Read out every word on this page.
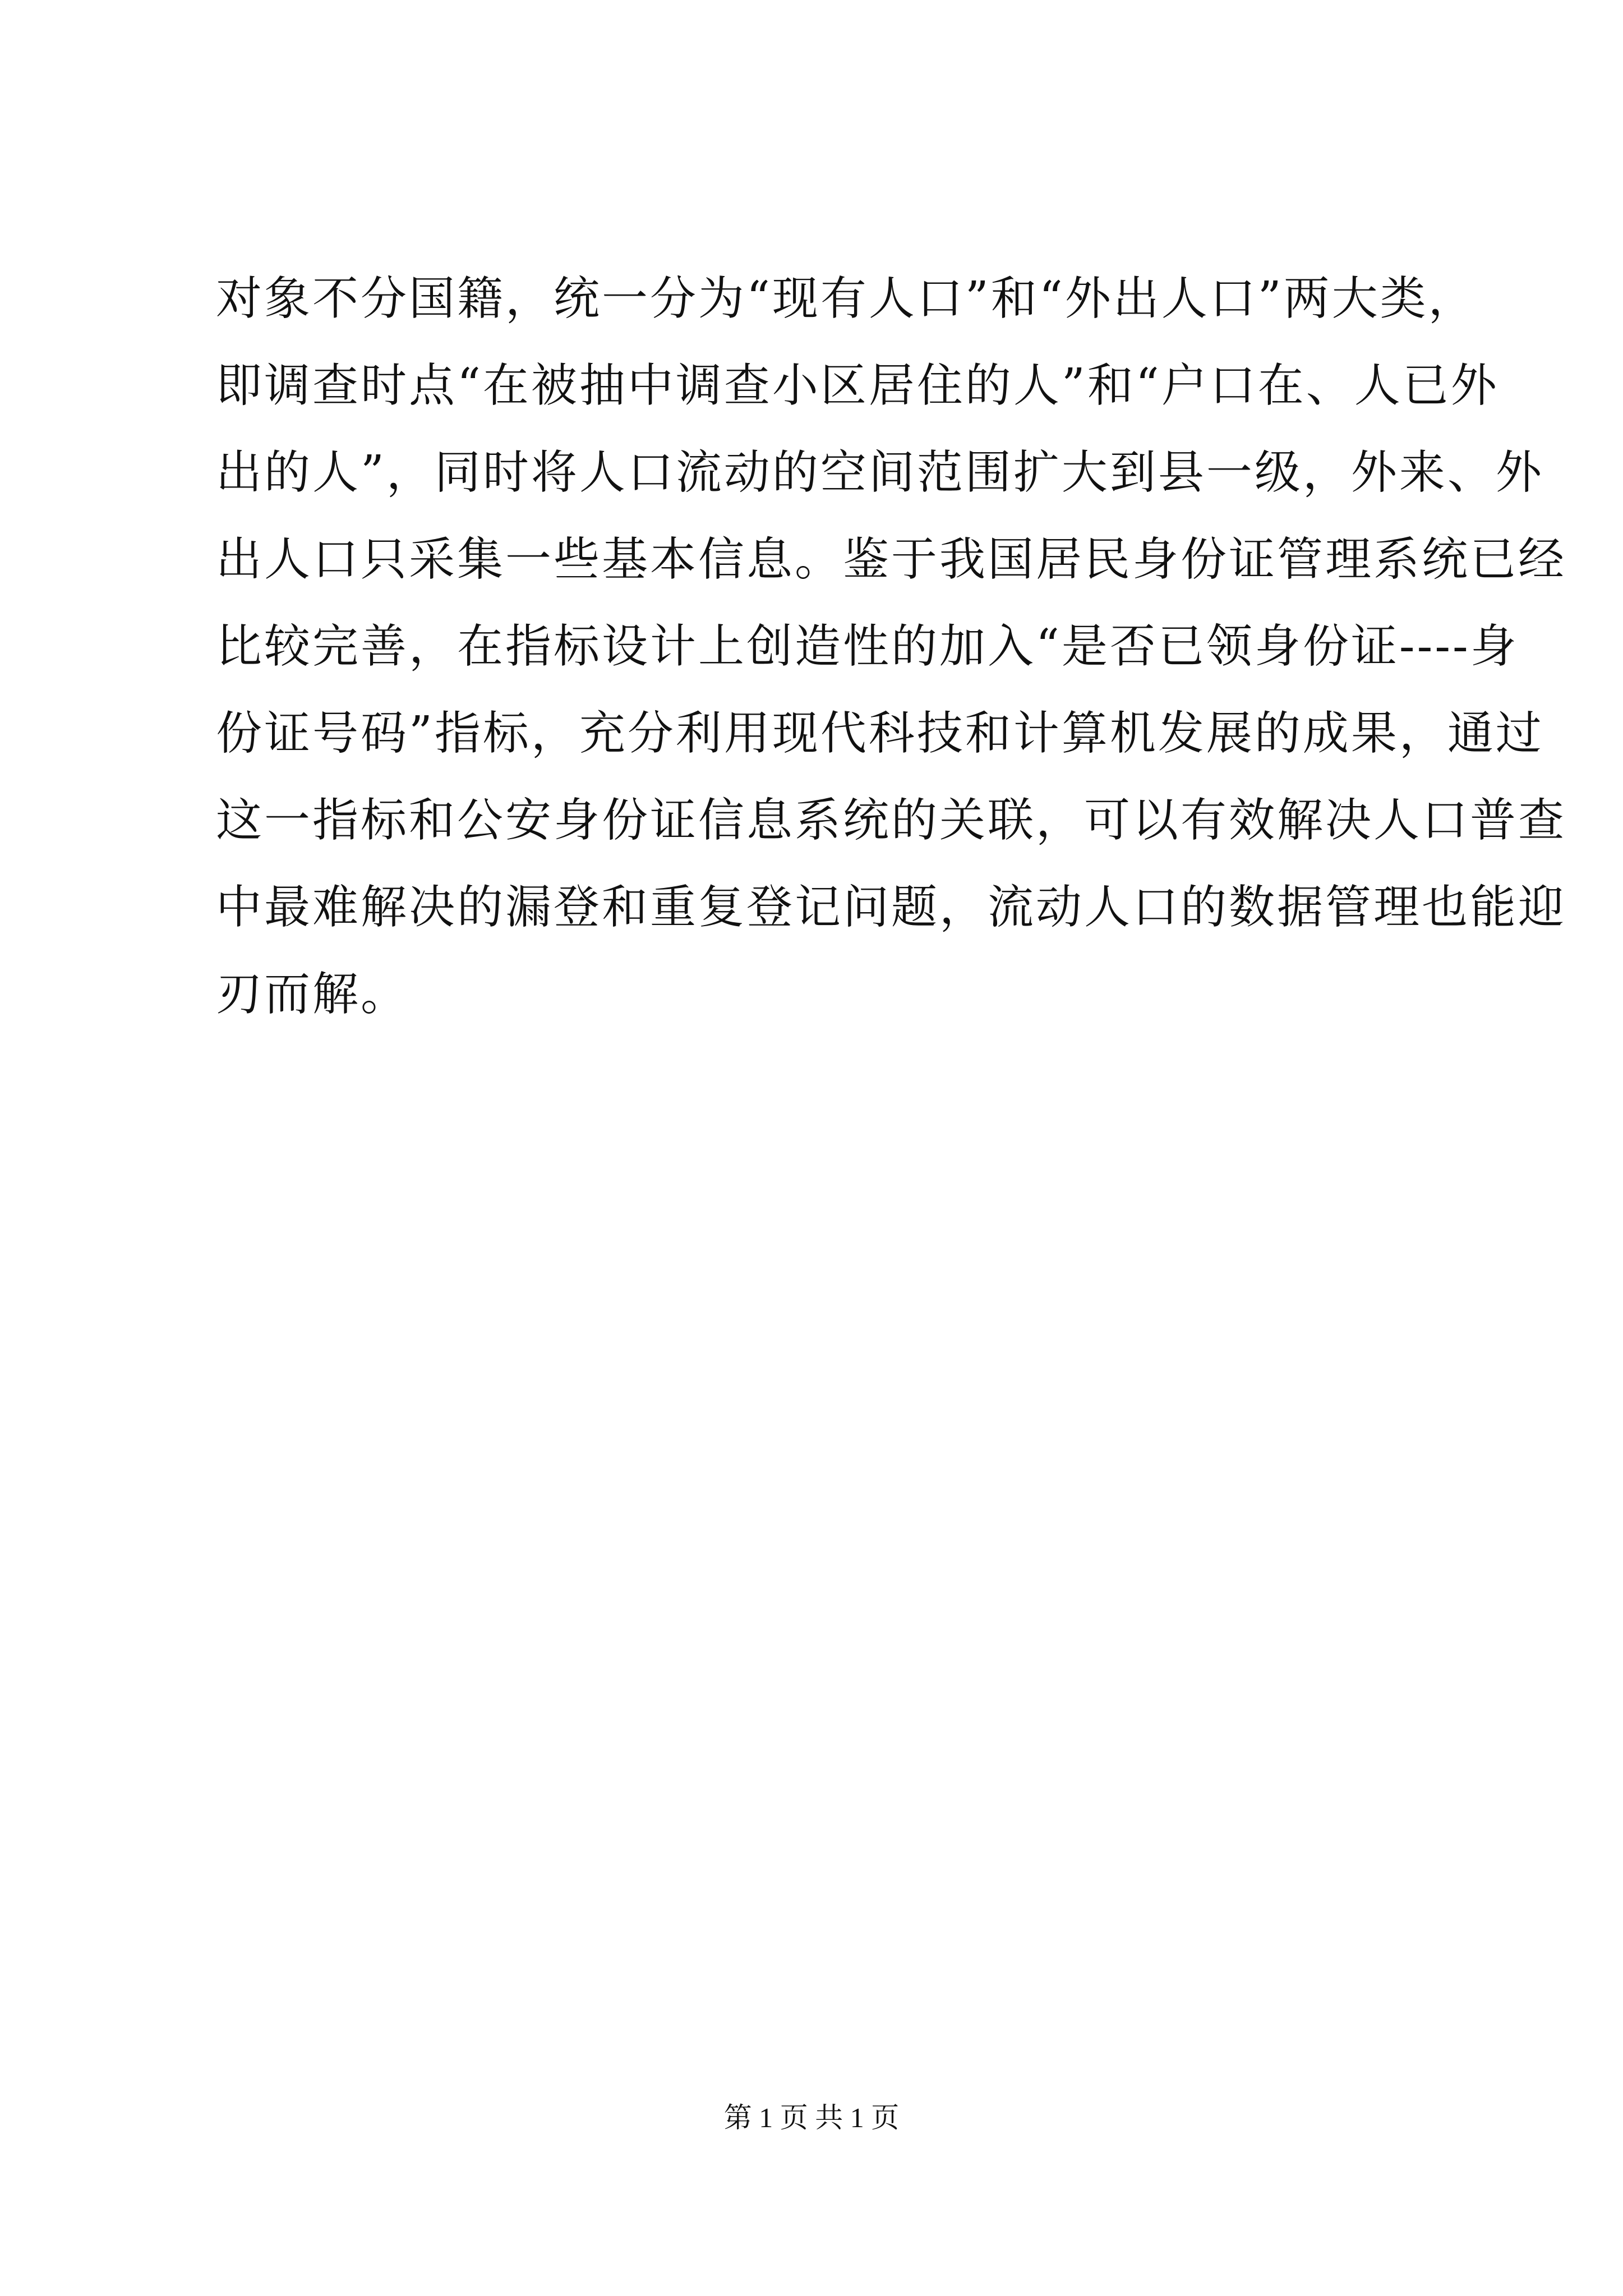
对象不分国籍，统一分为“现有人口”和“外出人口”两大类，
即调查时点“在被抽中调查小区居住的人”和“户口在、人已外
出的人”，同时将人口流动的空间范围扩大到县一级，外来、外
出人口只采集一些基本信息。鉴于我国居民身份证管理系统已经
比较完善，在指标设计上创造性的加入“是否已领身份证----身
份证号码”指标，充分利用现代科技和计算机发展的成果，通过
这一指标和公安身份证信息系统的关联，可以有效解决人口普查
中最难解决的漏登和重复登记问题，流动人口的数据管理也能迎
刃而解。
第 1 页 共 1 页
